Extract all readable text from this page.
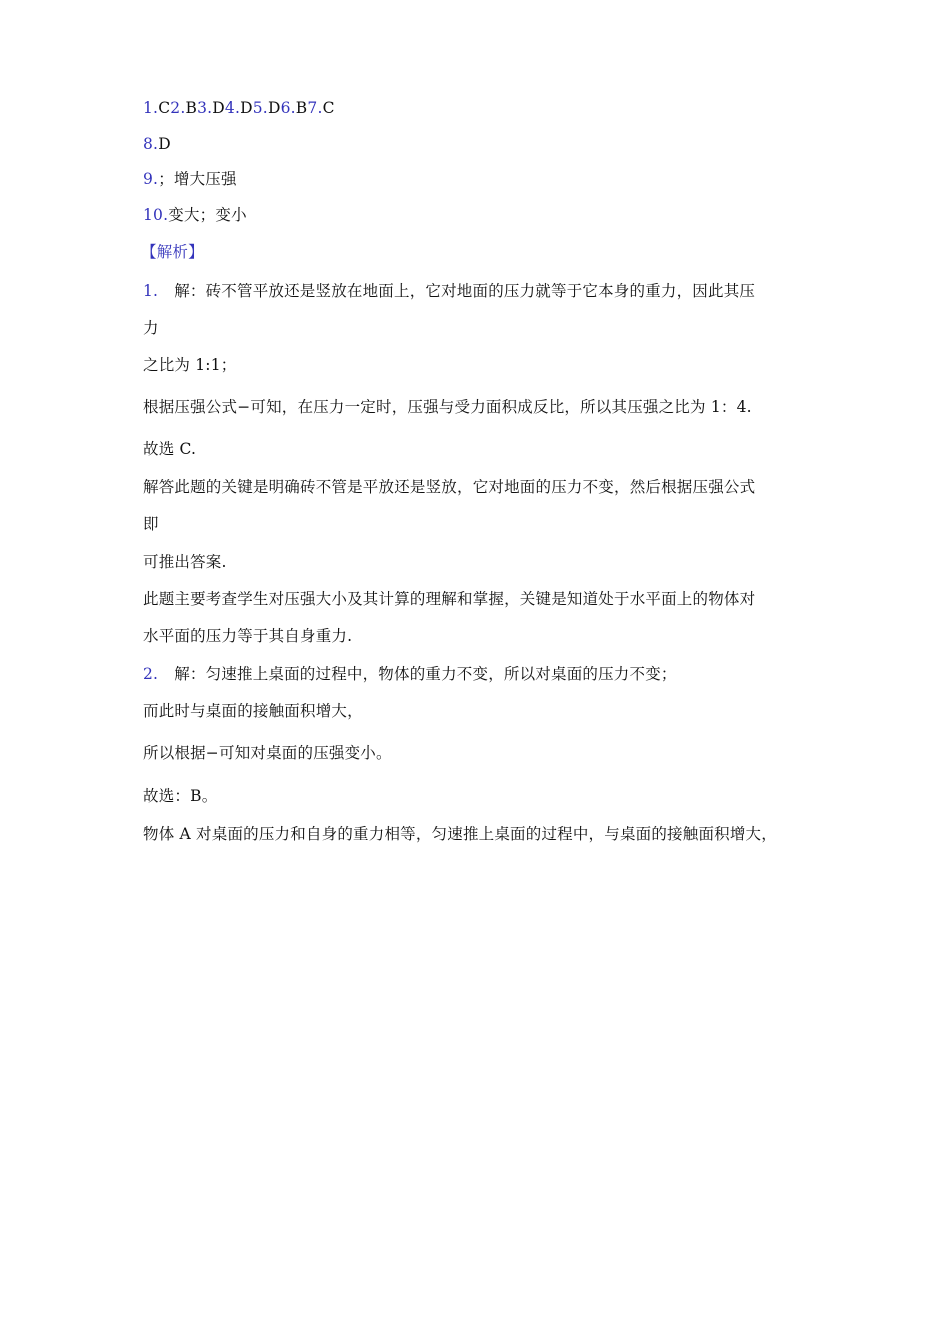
1.C2.B3.D4.D5.D6.B7.C
8.D
9.；增大压强
10.变大；变小
【解析】
1. 解：砖不管平放还是竖放在地面上，它对地面的压力就等于它本身的重力，因此其压
力
之比为 1:1；
根据压强公式−可知，在压力一定时，压强与受力面积成反比，所以其压强之比为 1：4.
故选 C.
解答此题的关键是明确砖不管是平放还是竖放，它对地面的压力不变，然后根据压强公式
即
可推出答案.
此题主要考查学生对压强大小及其计算的理解和掌握，关键是知道处于水平面上的物体对
水平面的压力等于其自身重力.
2. 解：匀速推上桌面的过程中，物体的重力不变，所以对桌面的压力不变；
而此时与桌面的接触面积增大，
所以根据−可知对桌面的压强变小。
故选：B。
物体 A 对桌面的压力和自身的重力相等，匀速推上桌面的过程中，与桌面的接触面积增大，
